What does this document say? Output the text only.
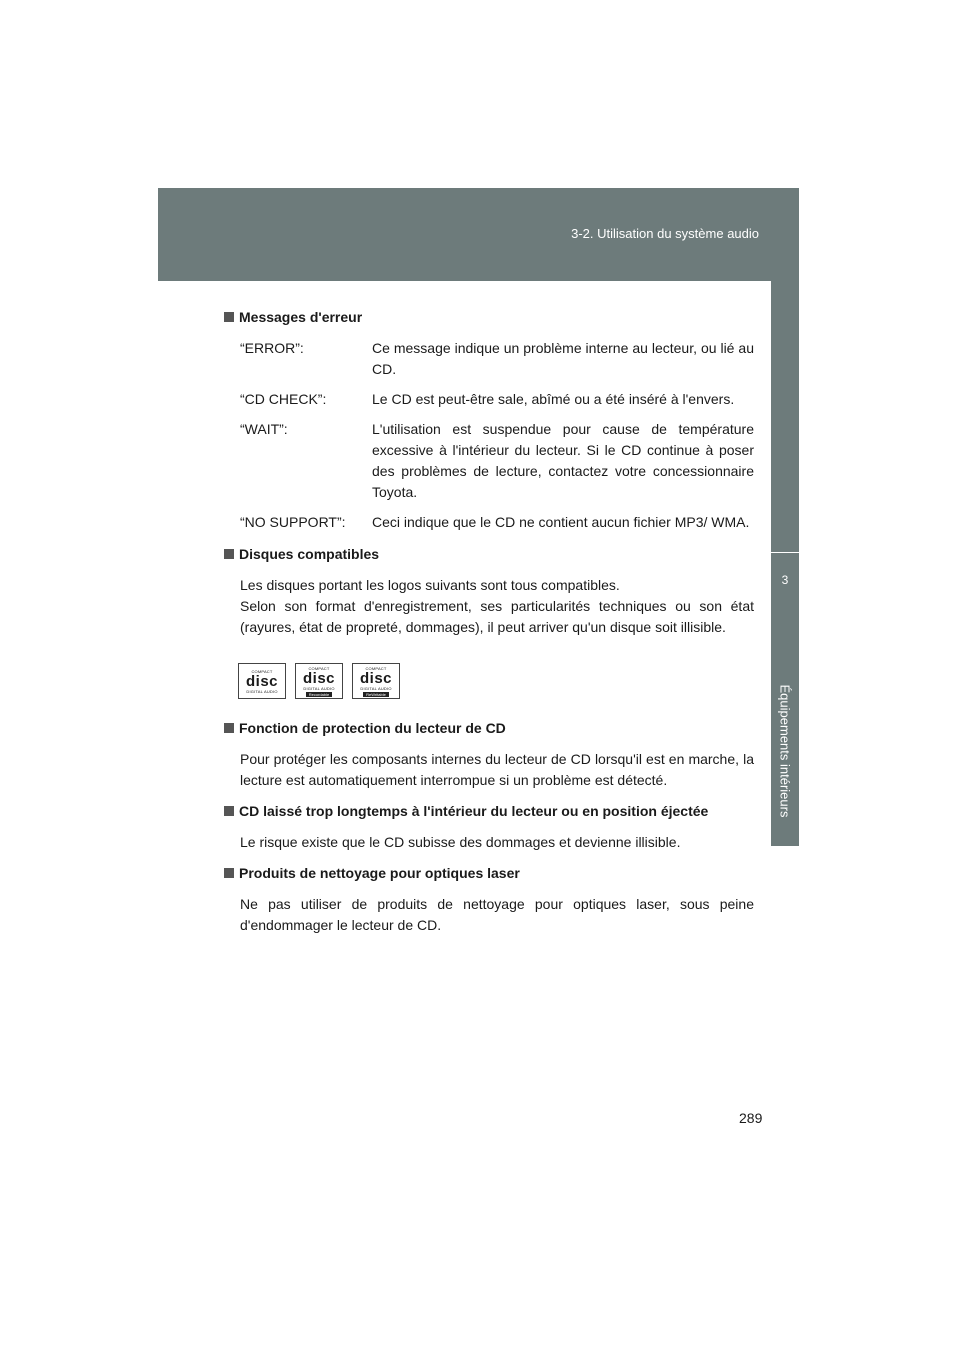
3-2. Utilisation du système audio
3
Équipements intérieurs
Messages d'erreur
“ERROR”:	Ce message indique un problème interne au lecteur, ou lié au CD.
“CD CHECK”:	Le CD est peut-être sale, abîmé ou a été inséré à l'envers.
“WAIT”:	L'utilisation est suspendue pour cause de température excessive à l'intérieur du lecteur. Si le CD continue à poser des problèmes de lecture, contactez votre concessionnaire Toyota.
“NO SUPPORT”:	Ceci indique que le CD ne contient aucun fichier MP3/ WMA.
Disques compatibles

Les disques portant les logos suivants sont tous compatibles.

Selon son format d'enregistrement, ses particularités techniques ou son état (rayures, état de propreté, dommages), il peut arriver qu'un disque soit illisible.

COMPACT
disc
DIGITAL AUDIO
COMPACT
disc
DIGITAL AUDIO
Recordable
COMPACT
disc
DIGITAL AUDIO
ReWritable
Fonction de protection du lecteur de CD
Pour protéger les composants internes du lecteur de CD lorsqu'il est en marche, la lecture est automatiquement interrompue si un problème est détecté.
CD laissé trop longtemps à l'intérieur du lecteur ou en position éjectée
Le risque existe que le CD subisse des dommages et devienne illisible.
Produits de nettoyage pour optiques laser
Ne pas utiliser de produits de nettoyage pour optiques laser, sous peine d'endommager le lecteur de CD.
289
